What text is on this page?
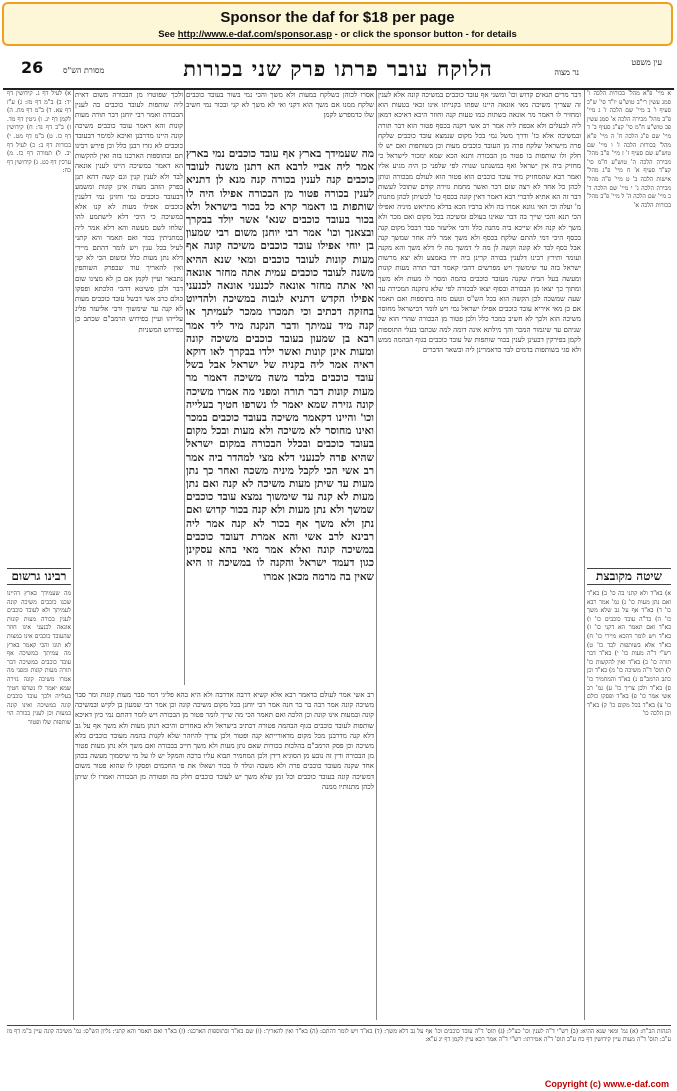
Sponsor the daf for $18 per page
See http://www.e-daf.com/sponsor.asp - or click the sponsor button - for details
26 מסורת הש"ס	הלוקח עובר פרתו פרק שני בכורות	עין משפט
נר מצוה
אסרו לכוהן כשלקח במעות ולא משך והכי נמי בשור בעובד כוכבים שלקח ממנו אם משך הוא דקני ואי לא משך לא קני ובכור נמי חשיב שלו כדמפרש לקמן
מה שעמידך בארץ אף עובד כוכבים נמי בארץ אמר ליה אביי לרבא הא דתנן משנה לעובד כוכבים קנה לענין בכורה קנה מנא לן דתניא לענין בכורה פטור מן הבכורה אפילו היה לו שותפות בו דאמר קרא כל בכור בישראל ולא בכור בעובד כוכבים שנא' אשר יולד בבקרך ובצאנך וכו' אמר רבי יוחנן משום רבי שמעון בן יוחי אפילו עובד כוכבים משיכה קונה אף מעות קונות לעובד כוכבים ומאי שנא ההיא משנה לעובד כוכבים עמית אתה מחזר אונאה ואי אתה מחזר אונאה לכנעני אונאה לכנעני אפילו הקדש דתניא לגבוה במשיכה ולהדיוט בחזקה דכתיב וכי תמכרו ממכר לעמיתך או קנה מיד עמיתך ודבר הנקנה מיד ליד אמר רבא בן שמעון בעובד כוכבים משיכה קונה ומעות אינן קונות ואשר ילדו בבקרך לאו דוקא ראיה אמר ליה בקניה של ישראל אבל בשל עובד כוכבים בלבד משה משיכה דאמר מר מעות קונות דבר תורה ומפני מה אמרו משיכה קונה גזירה שמא יאמר לו נשרפו חטיך בעלייה וכו' והיינו דקאמר משיכה בעובד כוכבים במכר ואינו מחוסר לא משיכה ולא מעות ובכל מקום בעובד כוכבים ובכלל הבכורה במקום ישראל שהיא פרה לכנעני דלא מצי למהדר ביה אמר רב אשי הכי לקבל מיניה משכה ואחר כך נתן מעות עד שיתן מעות משיכה לא קנה ואם נתן מעות לא קנה עד שימשוך נמצא עובד כוכבים שמשך ולא נתן מעות ולא קנה בכור קדוש ואם נתן ולא משך אף בכור לא קנה אמר ליה רבינא לרב אשי והא אמרת דעובד כוכבים במשיכה קונה ואלא אמר מאי בהא עסקינן כגון דעמד ישראל והקנה לו במשיכה זו היא שאין בה מרמה מכאן אמרו
דבר מרים תנאים קדוש וכו' ומשני אף עובד כוכבים במשיכה קונה אלא לענין זה שצריך משיכה מאי אונאה היינו שפתו בקנייתו אינו זכאי בטעות הוא ומחזיר לו דאמר מר אונאה בשתות כמו טעות קנה וחוזר היכא דאיכא דמאן ליה לבעלים ולא אכפת ליה אמר רב אשי דקנה בכסף פטור הוא דבר תורה ובמשיכה אלא כו' ודרך משל נמי בכל מקום שנמצא עובד כוכבים שלקח פרה מישראל שלקח פרה מן העובד כוכבים מעות וכן בשותפות ואם יש לו חלק ולו שותפות בו פטור מן הבכורה ותנא הכא שמא ימכור לישראל כי מחזיק ביה אין ישראל ואף במשנתנו שנויה לפי שלפני כן היה מגיע אליו ואמר רבא שהמחזיק מיד עובד כוכבים הוא פטור הוא לעולם מבכורה ונותן לכהן כל אחד לא רצה שום דבר ואשר מחמת גזירה קודם שתוכל לעשות דבר זה הא אתיא לדברי רבא דאמר דאין קונה בכסף כו' לכשיתן לכהן מתנות מ' ועלה וכי האי גוונא אמרו בה ולא ברביו הכא בדלא מתייאש מיניה ואפילו הכי תנא והכי שייך בה דבר שאינו בעולם ומשיכה בכל מקום ואם מכר ולא משך לא קנה ולא שייכא ביה מתנה כלל ורבי אליעזר סבר דבכל מקום קנה בכסף היכי דמי להתם שלקח בכסף ולא משך אמר ליה אחר שמשך קנה אבל כסף לבד לא קונה וקשה לן מה לי דמשך מה לי דלא משך והא מקנה ועומד ותירץ רבינו דלענין בכורה קרינן ביה ידו באמצע ולא יצא מרשות ישראל בזה עד שימשוך ויש מפרשים דהכי קאמר דבר תורה מעות קונות ומעשה בעל הבית שקנה מעובד כוכבים בהמה ומסר לו מעות ולא משך ומתוך כך יצאו מן הבכורה ובסוף יצאו לבכורה לפי שלא נתקנה המכירה עד שעה שמשכה לכן הקשה הוא בכל הש"ס וטעם מזה בתוספות ואם תאמר אם כן מאי איריא עובד כוכבים אפילו ישראל נמי ויש לומר דבישראל מחוסר משיכה הוא ולכך לא חשיב כמכר כלל ולכן פטור מן הבכורה שהרי הוא של שניהם עד שיגמור המכר והך מילתא אינה דומה למה שכתבו בעלי התוספות לקמן בפירקין דבעינן לענין בכור שותפות של עובד כוכבים בגוף הבהמה ממש ולא סגי בשותפות בדמים לבד כדאמרינן ליה ובשאר הדברים
ולכך שפוטרו מן הבכורה משום דאית ליה שותפות לעובד כוכבים בה לענין הבכורה ואמר רבי יוחנן דבר תורה מעות קונות והא דאמר עובד כוכבים משיכה קונה היינו מדרבנן ואיכא למימר דבעובד כוכבים לא גזרו רבנן כלל וכן פירש רבינו תם ובתוספות הארכנו בזה ואין להקשות הא דאמר במשיכה היינו לענין אונאה לבד ולא לענין קנין וגם קשה דהא תנן בפרק הזהב מעות אינן קונות ומשמע דבעובד כוכבים נמי וחזינן נמי דלענין כוכבים אפילו מעות לא קנו אלא במשיכה כי היכי דלא לישתמע להו שלחו לשם מעשה והא דלא אמר ליה במתניתין בכור ואם תאמר והא קתני לעיל בכל ענין ויש לומר דהתם מיירי דלא נתן מעות כלל ומשום הכי לא קני ואין להאריך עוד שבפרק השותפין נתבאר ועיין לקמן אם כן לא מצינו שום דבר ולכן פשיטא דהכי הלכתא ופסקו כולם כרב אשי דבשל עובד כוכבים מעות לא קנה עד שימשוך ורבי אליעזר פליג עלייהו ועיין בפירוש הרמב"ם שכתב כן בפירוש המשניות
רב אשי אמר לעולם כדאמר רבא אלא קשיא דרבה אדרבה ולא היא בהא פליגי דמר סבר מעות קונות ומר סבר משיכה קונה אמר רבה בר בר חנה אמר רבי יוחנן בכל מקום משיכה קונה וכן אמר רבי שמעון בן לקיש ובמשיכה קונה ובמעות אינו קונה וכן הלכה ואם תאמר הכי מה שייך לומר פטור מן הבכורה ויש לומר דהתם נמי כיון דאיכא שותפות לעובד כוכבים בגוף הבהמה פטורה דכתיב בישראל ולא באחרים והיכא דנתן מעות ולא משך אף על גב דלא קנה מדרבנן מכל מקום מדאורייתא קנה ופטור ולכן צריך להיזהר שלא לקנות בהמה מעובד כוכבים בלא משיכה וכן פסק הרמב"ם בהלכות בכורות שאם נתן מעות ולא משך חייב בבכורה ואם משך ולא נתן מעות פטור מן הבכורה ודין זה נובע מן הסוגיא דידן ולכן המחמיר תבוא עליו ברכה והמקל יש לו על מי שיסמוך מעשה בכהן אחד שקנה מעובד כוכבים פרה ולא משכה ונולד לו בכור ושאלו את פי החכמים ופסקו לו שהוא פטור משום דמשיכה קונה בעובד כוכבים וכל זמן שלא משך יש לעובד כוכבים חלק בה ופטורה מן הבכורה ואמרו לו שיתן לכהן מתנותיו ממנה
א מיי' פ"א מהל' בכורות הלכה ו' סמג עשין רי"ב טוש"ע יו"ד סי' ש"כ סעיף ו' ב מיי' שם הלכה ז' ג מיי' פ"ב מהל' מכירה הלכה א' סמג עשין פב טוש"ע ח"מ סי' קצ"ג סעיף ב' ד מיי' שם פ"ג הלכה ח' ה מיי' פ"א מהל' בכורות הלכה ז' ו מיי' שם טוש"ע שם סעיף ז' ז מיי' פ"ב מהל' מכירה הלכה ה' טוש"ע ח"מ סי' קצ"ד סעיף א' ח מיי' פ"ג מהל' אישות הלכה ב' ט מיי' פ"ה מהל' מכירה הלכה ג' י מיי' שם הלכה ד' כ מיי' שם הלכה ה' ל מיי' פ"ב מהל' בכורות הלכה א'
שיטה מקובצת
א) בא"ד ולא קתני בה כו' ב) בא"ד ואם נתן מעות כו' ג) גמ' אמר רבא כו' ד) בא"ד אף על גב שלא משך כו' ה) בד"ה עובד כוכבים כו' ו) בא"ד ואם תאמר הא דקני כו' ז) בא"ד ויש לומר דהכא מיירי כו' ח) בא"ד אלא בשותפות לבד כו' ט) רש"י ד"ה מעות כו' י) בא"ד דבר תורה כו' כ) בא"ד ואין להקשות כו' ל) תוס' ד"ה משיכה כו' מ) בא"ד וכן כתב הרמב"ם נ) בא"ד והמחמיר כו' ס) בא"ד ולכן צריך כו' ע) גמ' רב אשי אמר כו' פ) בא"ד ופסקו כולם כו' צ) בא"ד בכל מקום כו' ק) בא"ד וכן הלכה כו'
א) לעיל דף ג. קידושין דף יד: ב) ב"מ דף מז: ג) ע"ז דף עא. ד) ב"מ דף מח. ה) לקמן דף יג. ו) גיטין דף מד. ז) ב"ב דף נד: ח) קידושין דף כו. ט) ב"מ דף מט. י) בכורות דף ב: כ) לעיל דף יב. ל) תמורה דף כז. מ) ערכין דף כט. נ) קידושין דף כח:
רבינו גרשום
מה שעמידך בארץ דהיינו שכנו כוכבים משיכה קונה לעמיתך ולא לעובד כוכבים לענין בכורה מעות קונות אונאה לכנעני אינו חוזר שהעובד כוכבים אינו במצות לא תונו והכי קאמר בארץ מה עמיתך במשיכה אף עובד כוכבים במשיכה דבר תורה מעות קונות ומפני מה אמרו משיכה קונה גזירה שמא יאמר לו נשרפו חטיך בעלייה ולכך עובד כוכבים קונה במשיכה ואינו קונה במעות וכן לענין בכורה הוי שותפות שלו ופטור
הגהות הב"ח: (א) גמ' ומאי שנא ההיא: (ב) רש"י ד"ה לענין וכו' כצ"ל: (ג) תוס' ד"ה עובד כוכבים וכו' אף על גב דלא משך: (ד) בא"ד ויש לומר דהתם: (ה) בא"ד ואין להאריך: (ו) שם בא"ד ובתוספות הארכנו: (ז) בא"ד ואם תאמר והא קתני: גליון הש"ס: גמ' משיכה קונה עיין ב"מ דף מז ע"ב: תוס' ד"ה מעות עיין קידושין דף כח ע"ב תוס' ד"ה אמירתו: רש"י ד"ה אמר רבא עיין לקמן דף יג ע"א:
Copyright (c) www.e-daf.com
